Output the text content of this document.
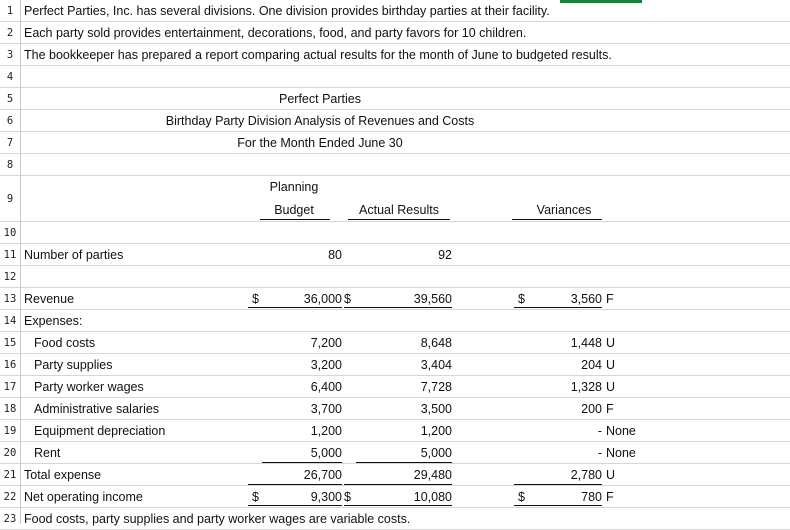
1
2
3
4
5
6
7
8
9
10
11
12
13
14
15
16
17
18
19
20
21
22
23
Perfect Parties, Inc. has several divisions. One division provides birthday parties at their facility.
Each party sold provides entertainment, decorations, food, and party favors for 10 children.
The bookkeeper has prepared a report comparing actual results for the month of June to budgeted results.
Perfect Parties
Birthday Party Division Analysis of Revenues and Costs
For the Month Ended June 30
Planning
Budget	Actual Results	Variances
Number of parties	80	92
Revenue	$	36,000 $	39,560	$	3,560 F
Expenses:
Food costs	7,200	8,648	1,448 U
Party supplies	3,200	3,404	204 U
Party worker wages	6,400	7,728	1,328 U
Administrative salaries	3,700	3,500	200 F
Equipment depreciation	1,200	1,200	- None
Rent	5,000	5,000	- None
Total expense	26,700	29,480	2,780 U
Net operating income	$	9,300 $	10,080	$	780 F
Food costs, party supplies and party worker wages are variable costs.
